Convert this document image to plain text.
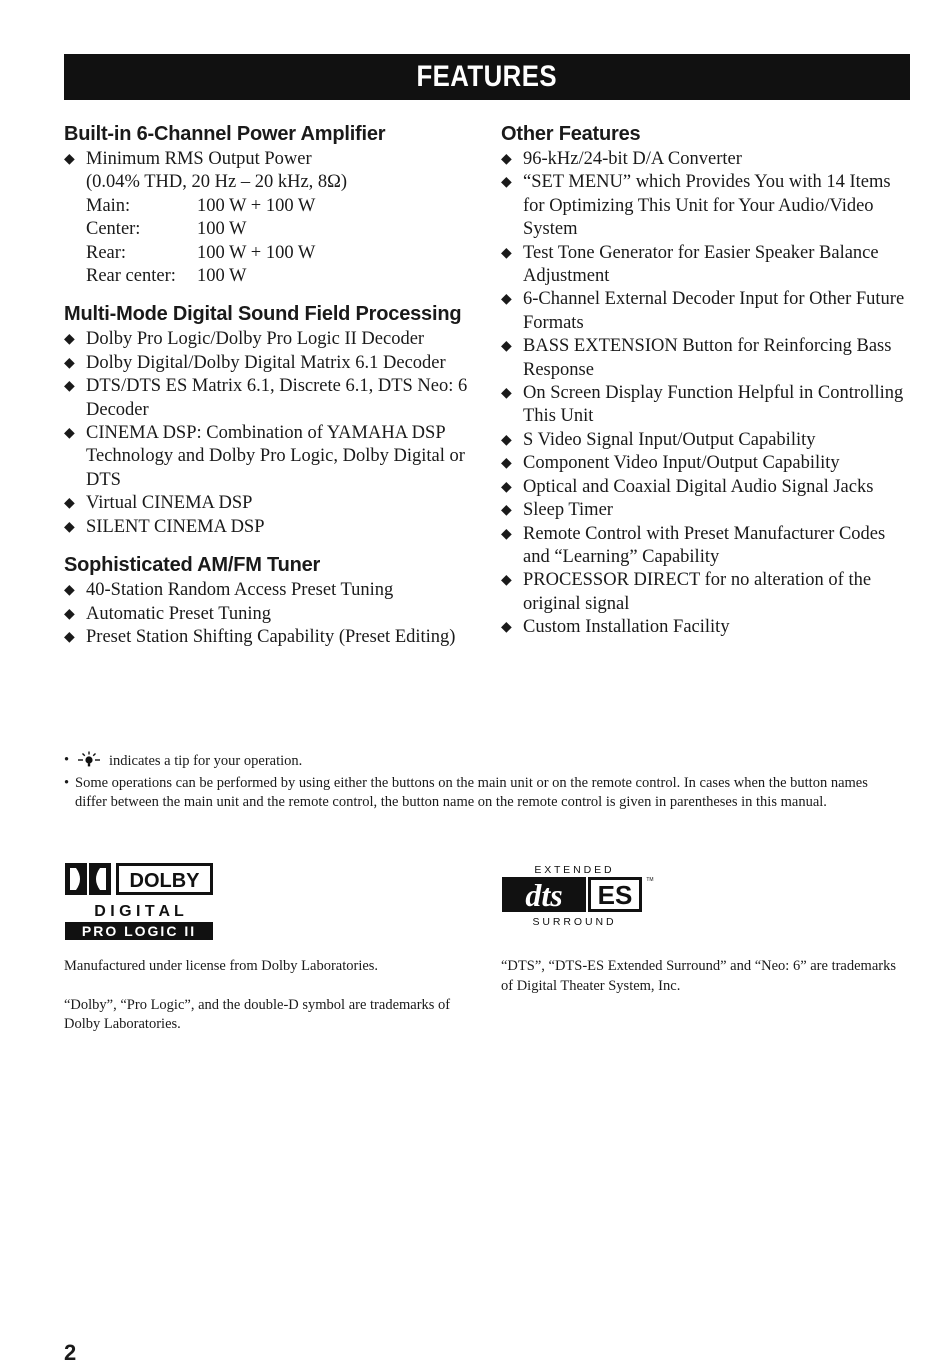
FEATURES
Built-in 6-Channel Power Amplifier
◆ Minimum RMS Output Power
(0.04% THD, 20 Hz – 20 kHz, 8Ω)
Main:	100 W + 100 W
Center:	100 W
Rear:	100 W + 100 W
Rear center:	100 W
Multi-Mode Digital Sound Field Processing
◆ Dolby Pro Logic/Dolby Pro Logic II Decoder
◆ Dolby Digital/Dolby Digital Matrix 6.1 Decoder
◆ DTS/DTS ES Matrix 6.1, Discrete 6.1, DTS Neo: 6 Decoder
◆ CINEMA DSP: Combination of YAMAHA DSP Technology and Dolby Pro Logic, Dolby Digital or DTS
◆ Virtual CINEMA DSP
◆ SILENT CINEMA DSP
Sophisticated AM/FM Tuner
◆ 40-Station Random Access Preset Tuning
◆ Automatic Preset Tuning
◆ Preset Station Shifting Capability (Preset Editing)
Other Features
◆ 96-kHz/24-bit D/A Converter
◆ “SET MENU” which Provides You with 14 Items for Optimizing This Unit for Your Audio/Video System
◆ Test Tone Generator for Easier Speaker Balance Adjustment
◆ 6-Channel External Decoder Input for Other Future Formats
◆ BASS EXTENSION Button for Reinforcing Bass Response
◆ On Screen Display Function Helpful in Controlling This Unit
◆ S Video Signal Input/Output Capability
◆ Component Video Input/Output Capability
◆ Optical and Coaxial Digital Audio Signal Jacks
◆ Sleep Timer
◆ Remote Control with Preset Manufacturer Codes and “Learning” Capability
◆ PROCESSOR DIRECT for no alteration of the original signal
◆ Custom Installation Facility
•	indicates a tip for your operation.
• Some operations can be performed by using either the buttons on the main unit or on the remote control. In cases when the button names differ between the main unit and the remote control, the button name on the remote control is given in parentheses in this manual.
DOLBY
D I G I T A L
PRO LOGIC II
E X T E N D E D
dts ES	TM
S U R R O U N D

Manufactured under license from Dolby Laboratories.

“Dolby”, “Pro Logic”, and the double-D symbol are trademarks of Dolby Laboratories.

“DTS”, “DTS-ES Extended Surround” and “Neo: 6” are trademarks of Digital Theater System, Inc.

2
